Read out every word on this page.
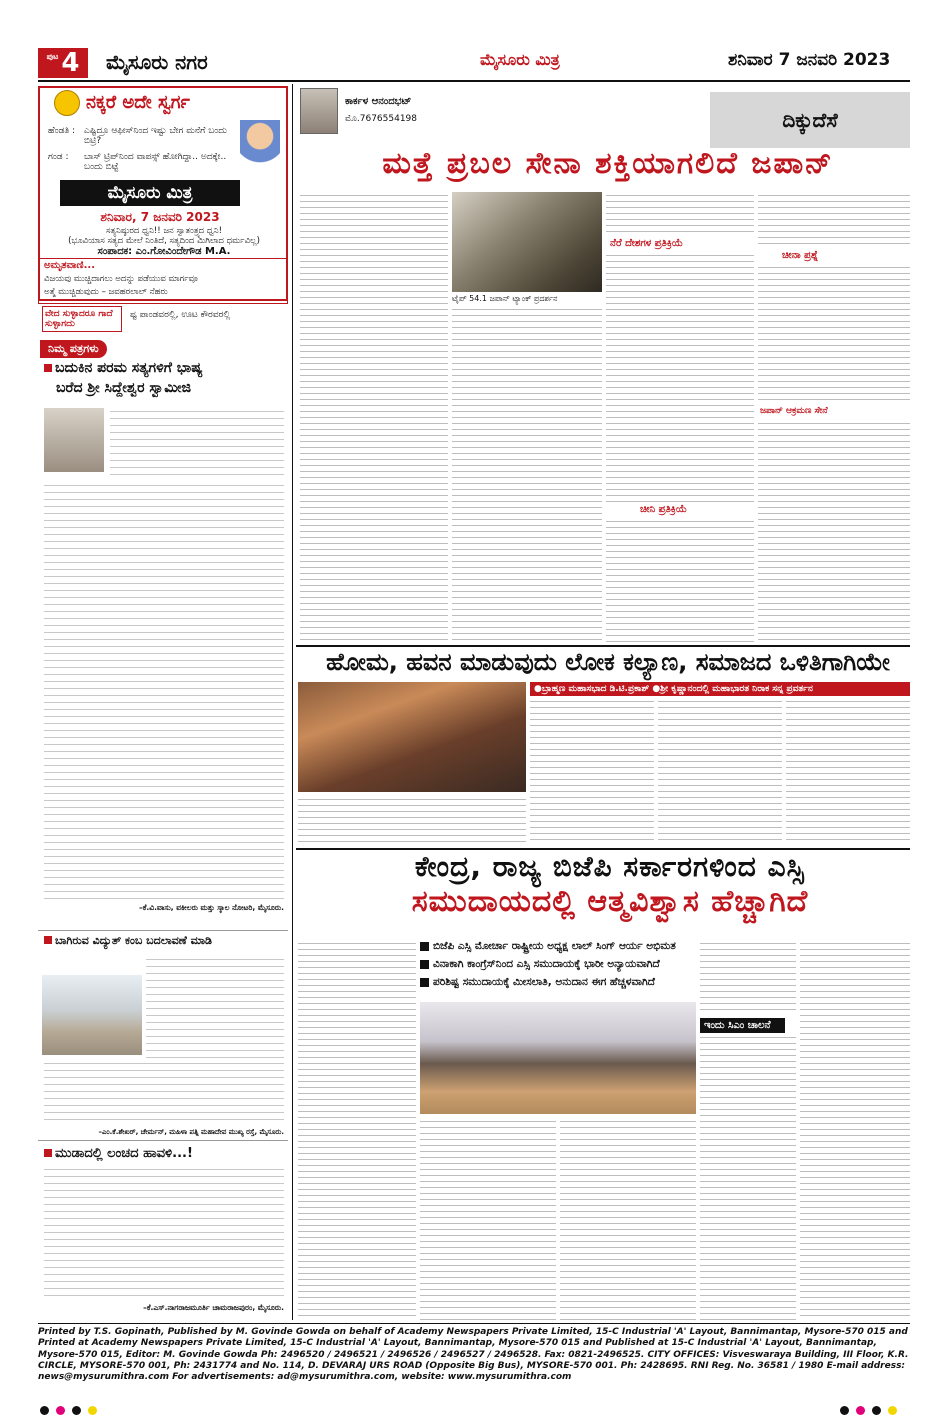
ಪುಟ 4 ಮೈಸೂರು ನಗರ	ಮೈಸೂರು ಮಿತ್ರ	ಶನಿವಾರ 7 ಜನವರಿ 2023
ನಕ್ಕರೆ ಅದೇ ಸ್ವರ್ಗ
ಹೆಂಡತಿ :	ಎಷ್ಟಿದ್ರೂ ಆಫೀಸ್‌ನಿಂದ ಇಷ್ಟು ಬೇಗ ಮನೆಗೆ ಬಂದು ಬಿಟ್ರಿ?
ಗಂಡ :	ಬಾಸ್ ಟ್ರಿಪ್‌ನಿಂದ ವಾಪಸ್ಸ್ ಹೋಗಿದ್ದಾ.. ಅದಕ್ಕೇ.. ಬಂದು ಬಿಟ್ಟೆ
ಮೈಸೂರು ಮಿತ್ರ
ಶನಿವಾರ, 7 ಜನವರಿ 2023
ಸತ್ಯನಿಷ್ಠುರದ ಧ್ವನಿ!! ಜನ ಸ್ವಾತಂತ್ರ್ಯದ ಧ್ವನಿ!
(ಭೂವಿಯಾಸ ಸತ್ಯದ ಮೇಲೆ ನಿಂತಿದೆ, ಸತ್ಯದಿಂದ ಮಿಗಿಲಾದ ಧರ್ಮವಿಲ್ಲ)
ಸಂಪಾದಕ: ಎಂ.ಗೋವಿಂದೇಗೌಡ M.A.
ಅಮೃತವಾಣಿ...
ವಿಜಯವು ಮುಚ್ಚಿದಾಗಲು ಅದನ್ನು ಪಡೆಯುವ ಮಾರ್ಗವೂ
ಅತ್ಮೆ ಮುಚ್ಚಿಡುವುದು – ಜವಹರಲಾಲ್ ನೆಹರು
ವೇದ ಸುಳ್ಳಾದರೂ ಗಾದೆ ಸುಳ್ಳಾಗದು
ಷ್ಟ ಪಾಂಡವರಲ್ಲಿ, ಊಟ ಕೌರವರಲ್ಲಿ
ನಿಮ್ಮ ಪತ್ರಗಳು
ಬದುಕಿನ ಪರಮ ಸತ್ಯಗಳಿಗೆ ಭಾಷ್ಯ
ಬರೆದ ಶ್ರೀ ಸಿದ್ದೇಶ್ವರ ಸ್ವಾಮೀಜಿ
–ಕೆ.ವಿ.ವಾಸು, ವಕೀಲರು ಮತ್ತು ಸ್ಕಾಲ ನೋಟರಿ, ಮೈಸೂರು.
ಬಾಗಿರುವ ವಿದ್ಯುತ್ ಕಂಬ ಬದಲಾವಣೆ ಮಾಡಿ
–ಎಂ.ಕೆ.ಶೇಖರ್, ಚೇರ್ಮನ್, ಮಹಿಳಾ ಪತ್ನಿ ಮಹಾದೇವ ಮುಖ್ಯ ರಸ್ತೆ, ಮೈಸೂರು.
ಮುಡಾದಲ್ಲಿ ಲಂಚದ ಹಾವಳಿ...!
–ಕೆ.ಎಸ್.ನಾಗರಾಜಮೂರ್ತಿ ಚಾಮರಾಜಪುರಂ, ಮೈಸೂರು.
ಕಾರ್ಕಳ ಆನಂದಭಟ್
ಮೊ.7676554198	ದಿಕ್ಕುದೆಸೆ
ಮತ್ತೆ ಪ್ರಬಲ ಸೇನಾ ಶಕ್ತಿಯಾಗಲಿದೆ ಜಪಾನ್
ಟೈಪ್ 54.1 ಜಪಾನ್ ಟ್ಯಾಂಕ್ ಪ್ರದರ್ಶನ
ನೆರೆ ದೇಶಗಳ ಪ್ರತಿಕ್ರಿಯೆ
ಚೀನಿ ಪ್ರತಿಕ್ರಿಯೆ
ಚೀನಾ ಪ್ರಶ್ನೆ
ಜಪಾನ್ ಆಕ್ರಮಣ ಸೇನೆ
ಹೋಮ, ಹವನ ಮಾಡುವುದು ಲೋಕ ಕಲ್ಯಾಣ, ಸಮಾಜದ ಒಳಿತಿಗಾಗಿಯೇ
●ಬ್ರಾಹ್ಮಣ ಮಹಾಸಭಾದ ಡಿ.ಟಿ.ಪ್ರಕಾಶ್ ●ಶ್ರೀ ಕೃಷ್ಣಾನಂದಲ್ಲಿ ಮಹಾಭಾರತ ನಿರಾಕ ಸನ್ನ ಪ್ರವರ್ತನ
ಕೇಂದ್ರ, ರಾಜ್ಯ ಬಿಜೆಪಿ ಸರ್ಕಾರಗಳಿಂದ ಎಸ್ಸಿ
ಸಮುದಾಯದಲ್ಲಿ ಆತ್ಮವಿಶ್ವಾಸ ಹೆಚ್ಚಾಗಿದೆ
ಬಿಜೆಪಿ ಎಸ್ಸಿ ಮೋರ್ಚಾ ರಾಷ್ಟ್ರೀಯ ಅಧ್ಯಕ್ಷ ಲಾಲ್ ಸಿಂಗ್ ಆರ್ಯ ಅಭಿಮತ
ವಿನಾಕಾಗಿ ಕಾಂಗ್ರೆಸ್‌ನಿಂದ ಎಸ್ಸಿ ಸಮುದಾಯಕ್ಕೆ ಭಾರೀ ಅನ್ಯಾಯವಾಗಿದೆ
ಪರಿಶಿಷ್ಟ ಸಮುದಾಯಕ್ಕೆ ಮೀಸಲಾತಿ, ಅನುದಾನ ಈಗ ಹೆಚ್ಚಳವಾಗಿದೆ
ಇಂದು ಸಿಎಂ ಚಾಲನೆ
Printed by T.S. Gopinath, Published by M. Govinde Gowda on behalf of Academy Newspapers Private Limited, 15-C Industrial 'A' Layout, Bannimantap, Mysore-570 015 and Printed at Academy Newspapers Private Limited, 15-C Industrial 'A' Layout, Bannimantap, Mysore-570 015 and Published at 15-C Industrial 'A' Layout, Bannimantap, Mysore-570 015, Editor: M. Govinde Gowda Ph: 2496520 / 2496521 / 2496526 / 2496527 / 2496528. Fax: 0821-2496525. CITY OFFICES: Visveswaraya Building, III Floor, K.R. CIRCLE, MYSORE-570 001, Ph: 2431774 and No. 114, D. DEVARAJ URS ROAD (Opposite Big Bus), MYSORE-570 001. Ph: 2428695. RNI Reg. No. 36581 / 1980 E-mail address: news@mysurumithra.com For advertisements: ad@mysurumithra.com, website: www.mysurumithra.com
